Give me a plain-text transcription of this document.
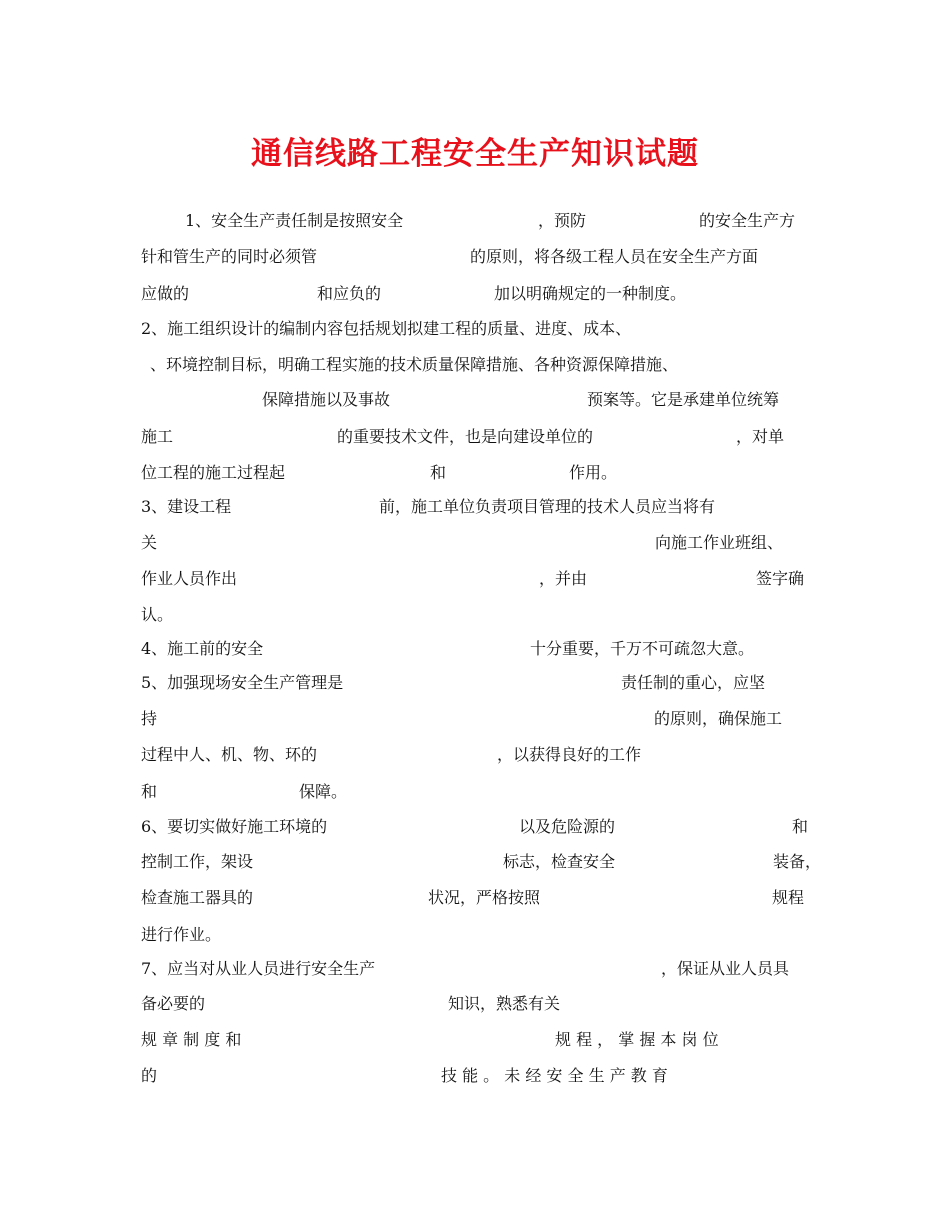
通信线路工程安全生产知识试题
1、安全生产责任制是按照安全	，预防	的安全生产方
针和管生产的同时必须管	的原则，将各级工程人员在安全生产方面
应做的	和应负的	加以明确规定的一种制度。
2、施工组织设计的编制内容包括规划拟建工程的质量、进度、成本、
、环境控制目标，明确工程实施的技术质量保障措施、各种资源保障措施、
保障措施以及事故	预案等。它是承建单位统筹
施工	的重要技术文件，也是向建设单位的	，对单
位工程的施工过程起	和	作用。
3、建设工程	前，施工单位负责项目管理的技术人员应当将有
关	向施工作业班组、
作业人员作出	，并由	签字确
认。
4、施工前的安全	十分重要，千万不可疏忽大意。
5、加强现场安全生产管理是	责任制的重心，应坚
持	的原则，确保施工
过程中人、机、物、环的	，以获得良好的工作
和	保障。
6、要切实做好施工环境的	以及危险源的	和
控制工作，架设	标志，检查安全	装备，
检查施工器具的	状况，严格按照	规程
进行作业。
7、应当对从业人员进行安全生产	，保证从业人员具
备必要的	知识，熟悉有关
规 章 制 度 和	规 程 ， 掌 握 本 岗 位
的	技 能 。 未 经 安 全 生 产 教 育
